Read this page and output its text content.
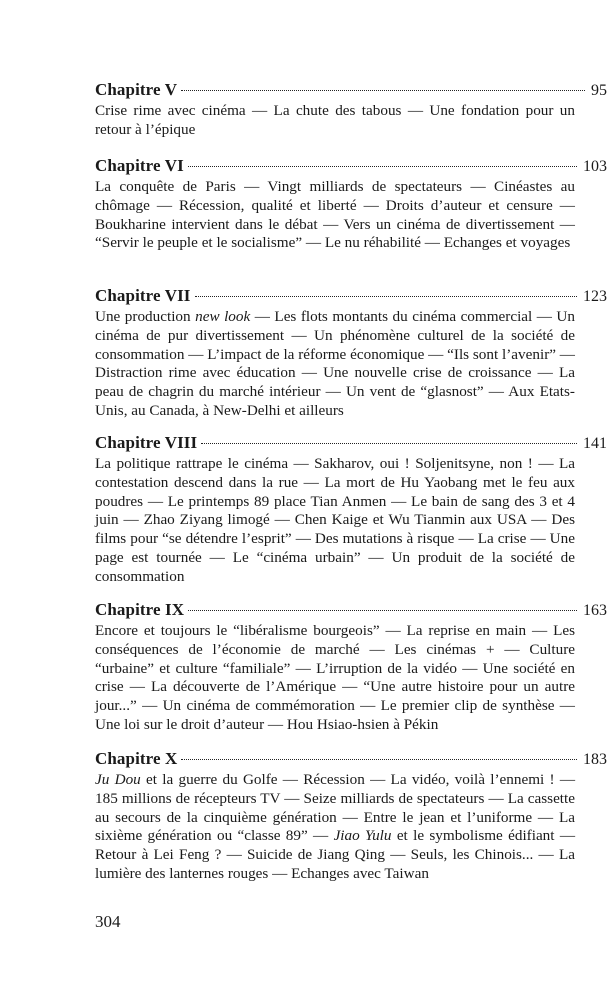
Chapitre V	95

Crise rime avec cinéma — La chute des tabous — Une fondation pour un retour à l’épique

Chapitre VI	103

La conquête de Paris — Vingt milliards de spectateurs — Cinéastes au chômage — Récession, qualité et liberté — Droits d’auteur et censure — Boukharine intervient dans le débat — Vers un cinéma de divertissement — “Servir le peuple et le socialisme” — Le nu réhabilité — Echanges et voyages

Chapitre VII	123

Une production new look — Les flots montants du cinéma commercial — Un cinéma de pur divertissement — Un phénomène culturel de la société de consommation — L’impact de la réforme économique — “Ils sont l’avenir” — Distraction rime avec éducation — Une nouvelle crise de croissance — La peau de chagrin du marché intérieur — Un vent de “glasnost” — Aux Etats-Unis, au Canada, à New-Delhi et ailleurs

Chapitre VIII	141

La politique rattrape le cinéma — Sakharov, oui ! Soljenitsyne, non ! — La contestation descend dans la rue — La mort de Hu Yaobang met le feu aux poudres — Le printemps 89 place Tian Anmen — Le bain de sang des 3 et 4 juin — Zhao Ziyang limogé — Chen Kaige et Wu Tianmin aux USA — Des films pour “se détendre l’esprit” — Des mutations à risque — La crise — Une page est tournée — Le “cinéma urbain” — Un produit de la société de consommation

Chapitre IX	163

Encore et toujours le “libéralisme bourgeois” — La reprise en main — Les conséquences de l’économie de marché — Les cinémas + — Culture “urbaine” et culture “familiale” — L’irruption de la vidéo — Une société en crise — La découverte de l’Amérique — “Une autre histoire pour un autre jour...” — Un cinéma de commémoration — Le premier clip de synthèse — Une loi sur le droit d’auteur — Hou Hsiao-hsien à Pékin

Chapitre X	183

Ju Dou et la guerre du Golfe — Récession — La vidéo, voilà l’ennemi ! — 185 millions de récepteurs TV — Seize milliards de spectateurs — La cassette au secours de la cinquième génération — Entre le jean et l’uniforme — La sixième génération ou “classe 89” — Jiao Yulu et le symbolisme édifiant — Retour à Lei Feng ? — Suicide de Jiang Qing — Seuls, les Chinois... — La lumière des lanternes rouges — Echanges avec Taiwan

304
